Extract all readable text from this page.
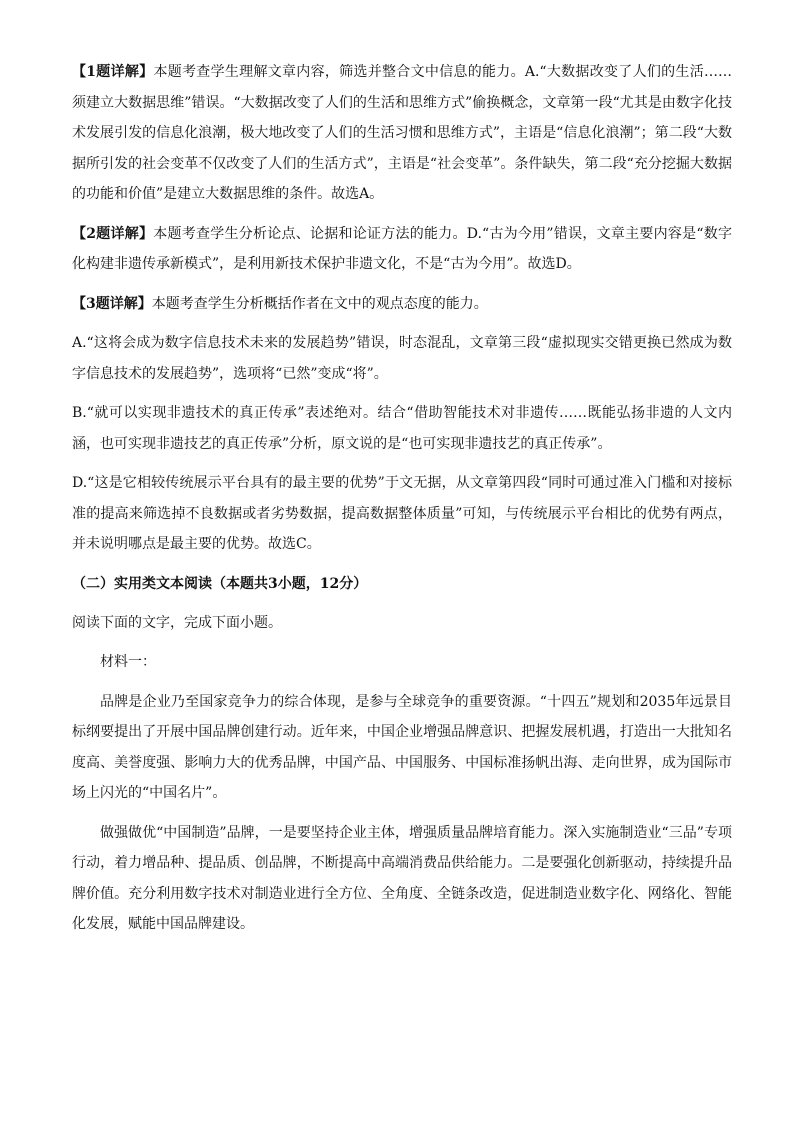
【1题详解】本题考查学生理解文章内容，筛选并整合文中信息的能力。A.“大数据改变了人们的生活……须建立大数据思维”错误。“大数据改变了人们的生活和思维方式”偷换概念，文章第一段“尤其是由数字化技术发展引发的信息化浪潮，极大地改变了人们的生活习惯和思维方式”，主语是“信息化浪潮”；第二段“大数据所引发的社会变革不仅改变了人们的生活方式”，主语是“社会变革”。条件缺失，第二段“充分挖掘大数据的功能和价值”是建立大数据思维的条件。故选A。

【2题详解】本题考查学生分析论点、论据和论证方法的能力。D.“古为今用”错误，文章主要内容是“数字化构建非遗传承新模式”，是利用新技术保护非遗文化，不是“古为今用”。故选D。

【3题详解】本题考查学生分析概括作者在文中的观点态度的能力。

A.“这将会成为数字信息技术未来的发展趋势”错误，时态混乱，文章第三段“虚拟现实交错更换已然成为数字信息技术的发展趋势”，选项将“已然”变成“将”。

B.“就可以实现非遗技术的真正传承”表述绝对。结合“借助智能技术对非遗传……既能弘扬非遗的人文内涵，也可实现非遗技艺的真正传承”分析，原文说的是“也可实现非遗技艺的真正传承”。

D.“这是它相较传统展示平台具有的最主要的优势”于文无据，从文章第四段“同时可通过准入门槛和对接标准的提高来筛选掉不良数据或者劣势数据，提高数据整体质量”可知，与传统展示平台相比的优势有两点，并未说明哪点是最主要的优势。故选C。

（二）实用类文本阅读（本题共3小题，12分）

阅读下面的文字，完成下面小题。

材料一：

品牌是企业乃至国家竞争力的综合体现，是参与全球竞争的重要资源。“十四五”规划和2035年远景目标纲要提出了开展中国品牌创建行动。近年来，中国企业增强品牌意识、把握发展机遇，打造出一大批知名度高、美誉度强、影响力大的优秀品牌，中国产品、中国服务、中国标准扬帆出海、走向世界，成为国际市场上闪光的“中国名片”。

做强做优“中国制造”品牌，一是要坚持企业主体，增强质量品牌培育能力。深入实施制造业“三品”专项行动，着力增品种、提品质、创品牌，不断提高中高端消费品供给能力。二是要强化创新驱动，持续提升品牌价值。充分利用数字技术对制造业进行全方位、全角度、全链条改造，促进制造业数字化、网络化、智能化发展，赋能中国品牌建设。
